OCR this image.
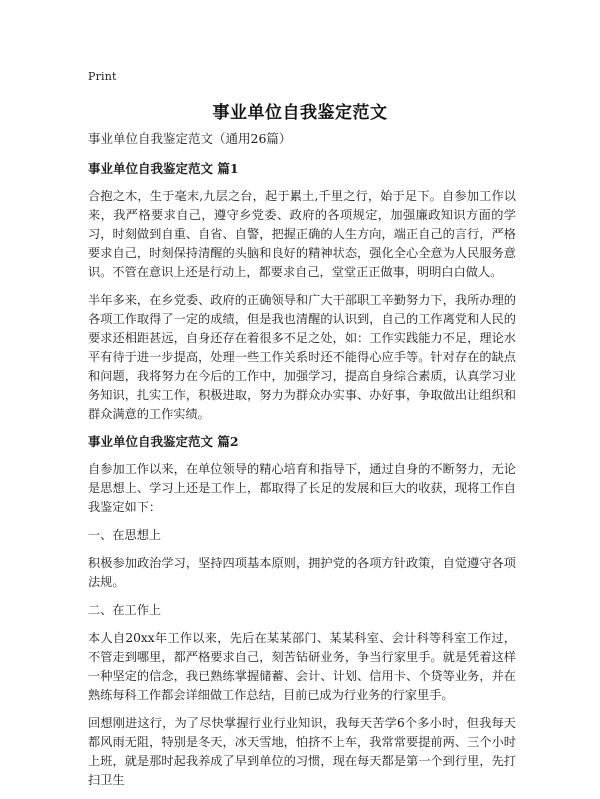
Print
事业单位自我鉴定范文

事业单位自我鉴定范文（通用26篇）

事业单位自我鉴定范文 篇1

合抱之木，生于毫末,九层之台，起于累土,千里之行，始于足下。自参加工作以来，我严格要求自己，遵守乡党委、政府的各项规定，加强廉政知识方面的学习，时刻做到自重、自省、自警，把握正确的人生方向，端正自己的言行，严格要求自己，时刻保持清醒的头脑和良好的精神状态，强化全心全意为人民服务意识。不管在意识上还是行动上，都要求自己，堂堂正正做事，明明白白做人。

半年多来，在乡党委、政府的正确领导和广大干部职工辛勤努力下，我所办理的各项工作取得了一定的成绩，但是我也清醒的认识到，自己的工作离党和人民的要求还相距甚远，自身还存在着很多不足之处，如：工作实践能力不足，理论水平有待于进一步提高，处理一些工作关系时还不能得心应手等。针对存在的缺点和问题，我将努力在今后的工作中，加强学习，提高自身综合素质，认真学习业务知识，扎实工作，积极进取，努力为群众办实事、办好事，争取做出让组织和群众满意的工作实绩。

事业单位自我鉴定范文 篇2

自参加工作以来，在单位领导的精心培育和指导下，通过自身的不断努力，无论是思想上、学习上还是工作上，都取得了长足的发展和巨大的收获，现将工作自我鉴定如下：

一、在思想上

积极参加政治学习，坚持四项基本原则，拥护党的各项方针政策，自觉遵守各项法规。

二、在工作上

本人自20xx年工作以来，先后在某某部门、某某科室、会计科等科室工作过，不管走到哪里，都严格要求自己，刻苦钻研业务，争当行家里手。就是凭着这样一种坚定的信念，我已熟练掌握储蓄、会计、计划、信用卡、个贷等业务，并在熟练每科工作都会详细做工作总结，目前已成为行业务的行家里手。

回想刚进这行，为了尽快掌握行业行业知识，我每天苦学6个多小时，但我每天都风雨无阻，特别是冬天，冰天雪地，怕挤不上车，我常常要提前两、三个小时上班，就是那时起我养成了早到单位的习惯，现在每天都是第一个到行里，先打扫卫生
